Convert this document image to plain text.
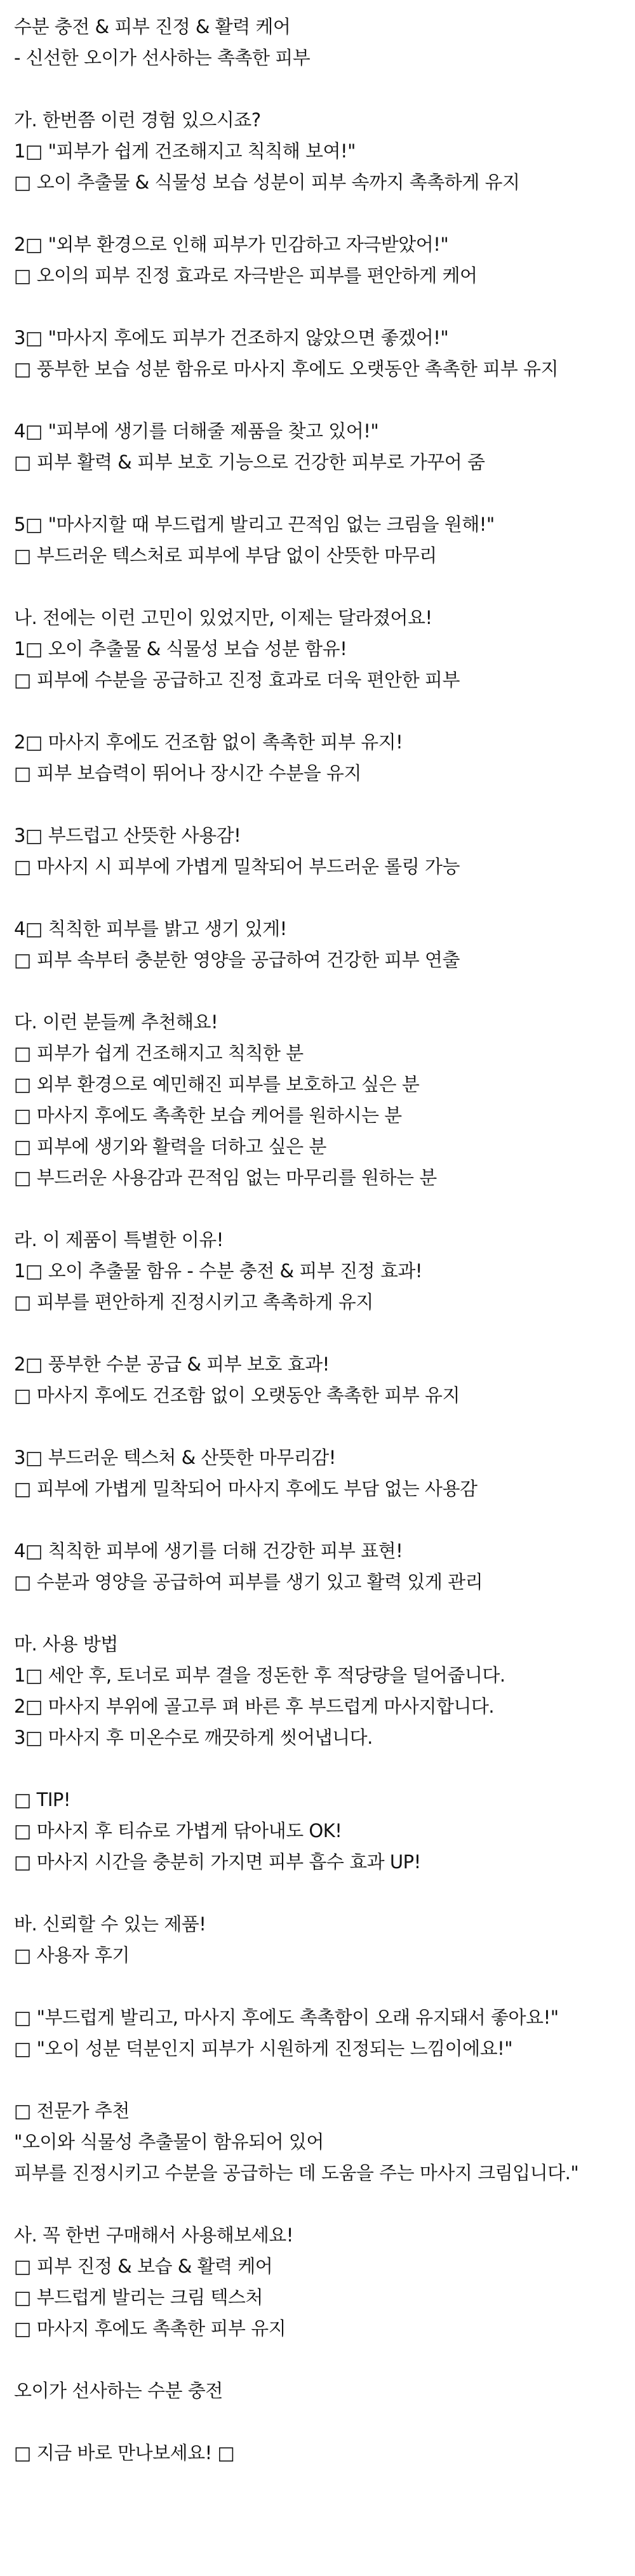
수분 충전 & 피부 진정 & 활력 케어
- 신선한 오이가 선사하는 촉촉한 피부
가. 한번쯤 이런 경험 있으시죠?
1□ "피부가 쉽게 건조해지고 칙칙해 보여!"
□ 오이 추출물 & 식물성 보습 성분이 피부 속까지 촉촉하게 유지
2□ "외부 환경으로 인해 피부가 민감하고 자극받았어!"
□ 오이의 피부 진정 효과로 자극받은 피부를 편안하게 케어
3□ "마사지 후에도 피부가 건조하지 않았으면 좋겠어!"
□ 풍부한 보습 성분 함유로 마사지 후에도 오랫동안 촉촉한 피부 유지
4□ "피부에 생기를 더해줄 제품을 찾고 있어!"
□ 피부 활력 & 피부 보호 기능으로 건강한 피부로 가꾸어 줌
5□ "마사지할 때 부드럽게 발리고 끈적임 없는 크림을 원해!"
□ 부드러운 텍스처로 피부에 부담 없이 산뜻한 마무리
나. 전에는 이런 고민이 있었지만, 이제는 달라졌어요!
1□ 오이 추출물 & 식물성 보습 성분 함유!
□ 피부에 수분을 공급하고 진정 효과로 더욱 편안한 피부
2□ 마사지 후에도 건조함 없이 촉촉한 피부 유지!
□ 피부 보습력이 뛰어나 장시간 수분을 유지
3□ 부드럽고 산뜻한 사용감!
□ 마사지 시 피부에 가볍게 밀착되어 부드러운 롤링 가능
4□ 칙칙한 피부를 밝고 생기 있게!
□ 피부 속부터 충분한 영양을 공급하여 건강한 피부 연출
다. 이런 분들께 추천해요!
□ 피부가 쉽게 건조해지고 칙칙한 분
□ 외부 환경으로 예민해진 피부를 보호하고 싶은 분
□ 마사지 후에도 촉촉한 보습 케어를 원하시는 분
□ 피부에 생기와 활력을 더하고 싶은 분
□ 부드러운 사용감과 끈적임 없는 마무리를 원하는 분
라. 이 제품이 특별한 이유!
1□ 오이 추출물 함유 - 수분 충전 & 피부 진정 효과!
□ 피부를 편안하게 진정시키고 촉촉하게 유지
2□ 풍부한 수분 공급 & 피부 보호 효과!
□ 마사지 후에도 건조함 없이 오랫동안 촉촉한 피부 유지
3□ 부드러운 텍스처 & 산뜻한 마무리감!
□ 피부에 가볍게 밀착되어 마사지 후에도 부담 없는 사용감
4□ 칙칙한 피부에 생기를 더해 건강한 피부 표현!
□ 수분과 영양을 공급하여 피부를 생기 있고 활력 있게 관리
마. 사용 방법
1□ 세안 후, 토너로 피부 결을 정돈한 후 적당량을 덜어줍니다.
2□ 마사지 부위에 골고루 펴 바른 후 부드럽게 마사지합니다.
3□ 마사지 후 미온수로 깨끗하게 씻어냅니다.
□ TIP!
□ 마사지 후 티슈로 가볍게 닦아내도 OK!
□ 마사지 시간을 충분히 가지면 피부 흡수 효과 UP!
바. 신뢰할 수 있는 제품!
□ 사용자 후기
□ "부드럽게 발리고, 마사지 후에도 촉촉함이 오래 유지돼서 좋아요!"
□ "오이 성분 덕분인지 피부가 시원하게 진정되는 느낌이에요!"
□ 전문가 추천
"오이와 식물성 추출물이 함유되어 있어
피부를 진정시키고 수분을 공급하는 데 도움을 주는 마사지 크림입니다."
사. 꼭 한번 구매해서 사용해보세요!
□ 피부 진정 & 보습 & 활력 케어
□ 부드럽게 발리는 크림 텍스처
□ 마사지 후에도 촉촉한 피부 유지
오이가 선사하는 수분 충전
□ 지금 바로 만나보세요! □
